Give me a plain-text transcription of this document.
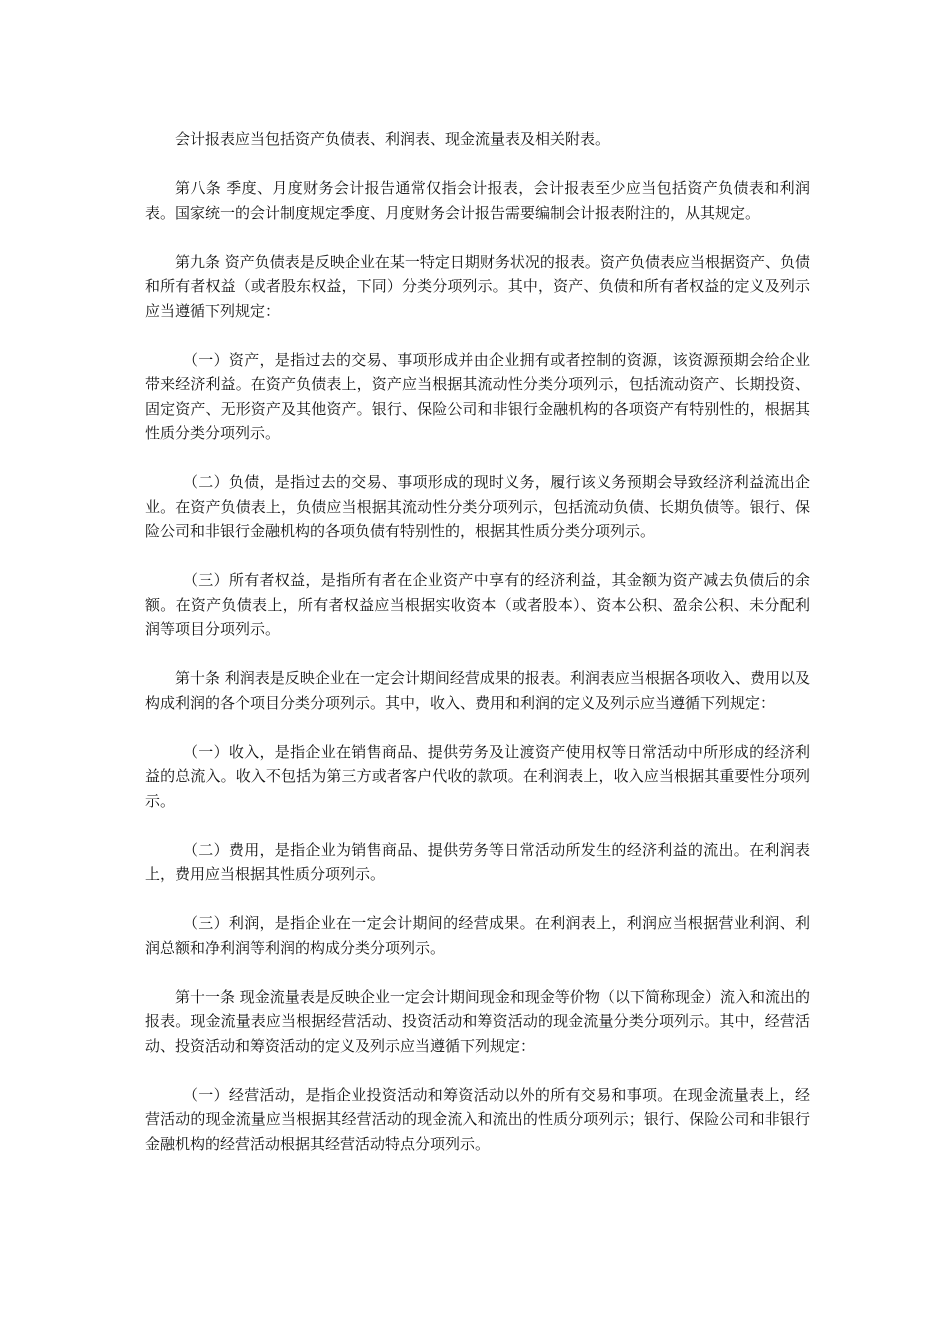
会计报表应当包括资产负债表、利润表、现金流量表及相关附表。

第八条 季度、月度财务会计报告通常仅指会计报表，会计报表至少应当包括资产负债表和利润表。国家统一的会计制度规定季度、月度财务会计报告需要编制会计报表附注的，从其规定。

第九条 资产负债表是反映企业在某一特定日期财务状况的报表。资产负债表应当根据资产、负债和所有者权益（或者股东权益，下同）分类分项列示。其中，资产、负债和所有者权益的定义及列示应当遵循下列规定：

（一）资产，是指过去的交易、事项形成并由企业拥有或者控制的资源，该资源预期会给企业带来经济利益。在资产负债表上，资产应当根据其流动性分类分项列示，包括流动资产、长期投资、固定资产、无形资产及其他资产。银行、保险公司和非银行金融机构的各项资产有特别性的，根据其性质分类分项列示。

（二）负债，是指过去的交易、事项形成的现时义务，履行该义务预期会导致经济利益流出企业。在资产负债表上，负债应当根据其流动性分类分项列示，包括流动负债、长期负债等。银行、保险公司和非银行金融机构的各项负债有特别性的，根据其性质分类分项列示。

（三）所有者权益，是指所有者在企业资产中享有的经济利益，其金额为资产减去负债后的余额。在资产负债表上，所有者权益应当根据实收资本（或者股本）、资本公积、盈余公积、未分配利润等项目分项列示。

第十条 利润表是反映企业在一定会计期间经营成果的报表。利润表应当根据各项收入、费用以及构成利润的各个项目分类分项列示。其中，收入、费用和利润的定义及列示应当遵循下列规定：

（一）收入，是指企业在销售商品、提供劳务及让渡资产使用权等日常活动中所形成的经济利益的总流入。收入不包括为第三方或者客户代收的款项。在利润表上，收入应当根据其重要性分项列示。

（二）费用，是指企业为销售商品、提供劳务等日常活动所发生的经济利益的流出。在利润表上，费用应当根据其性质分项列示。

（三）利润，是指企业在一定会计期间的经营成果。在利润表上，利润应当根据营业利润、利润总额和净利润等利润的构成分类分项列示。

第十一条 现金流量表是反映企业一定会计期间现金和现金等价物（以下简称现金）流入和流出的报表。现金流量表应当根据经营活动、投资活动和筹资活动的现金流量分类分项列示。其中，经营活动、投资活动和筹资活动的定义及列示应当遵循下列规定：

（一）经营活动，是指企业投资活动和筹资活动以外的所有交易和事项。在现金流量表上，经营活动的现金流量应当根据其经营活动的现金流入和流出的性质分项列示；银行、保险公司和非银行金融机构的经营活动根据其经营活动特点分项列示。
